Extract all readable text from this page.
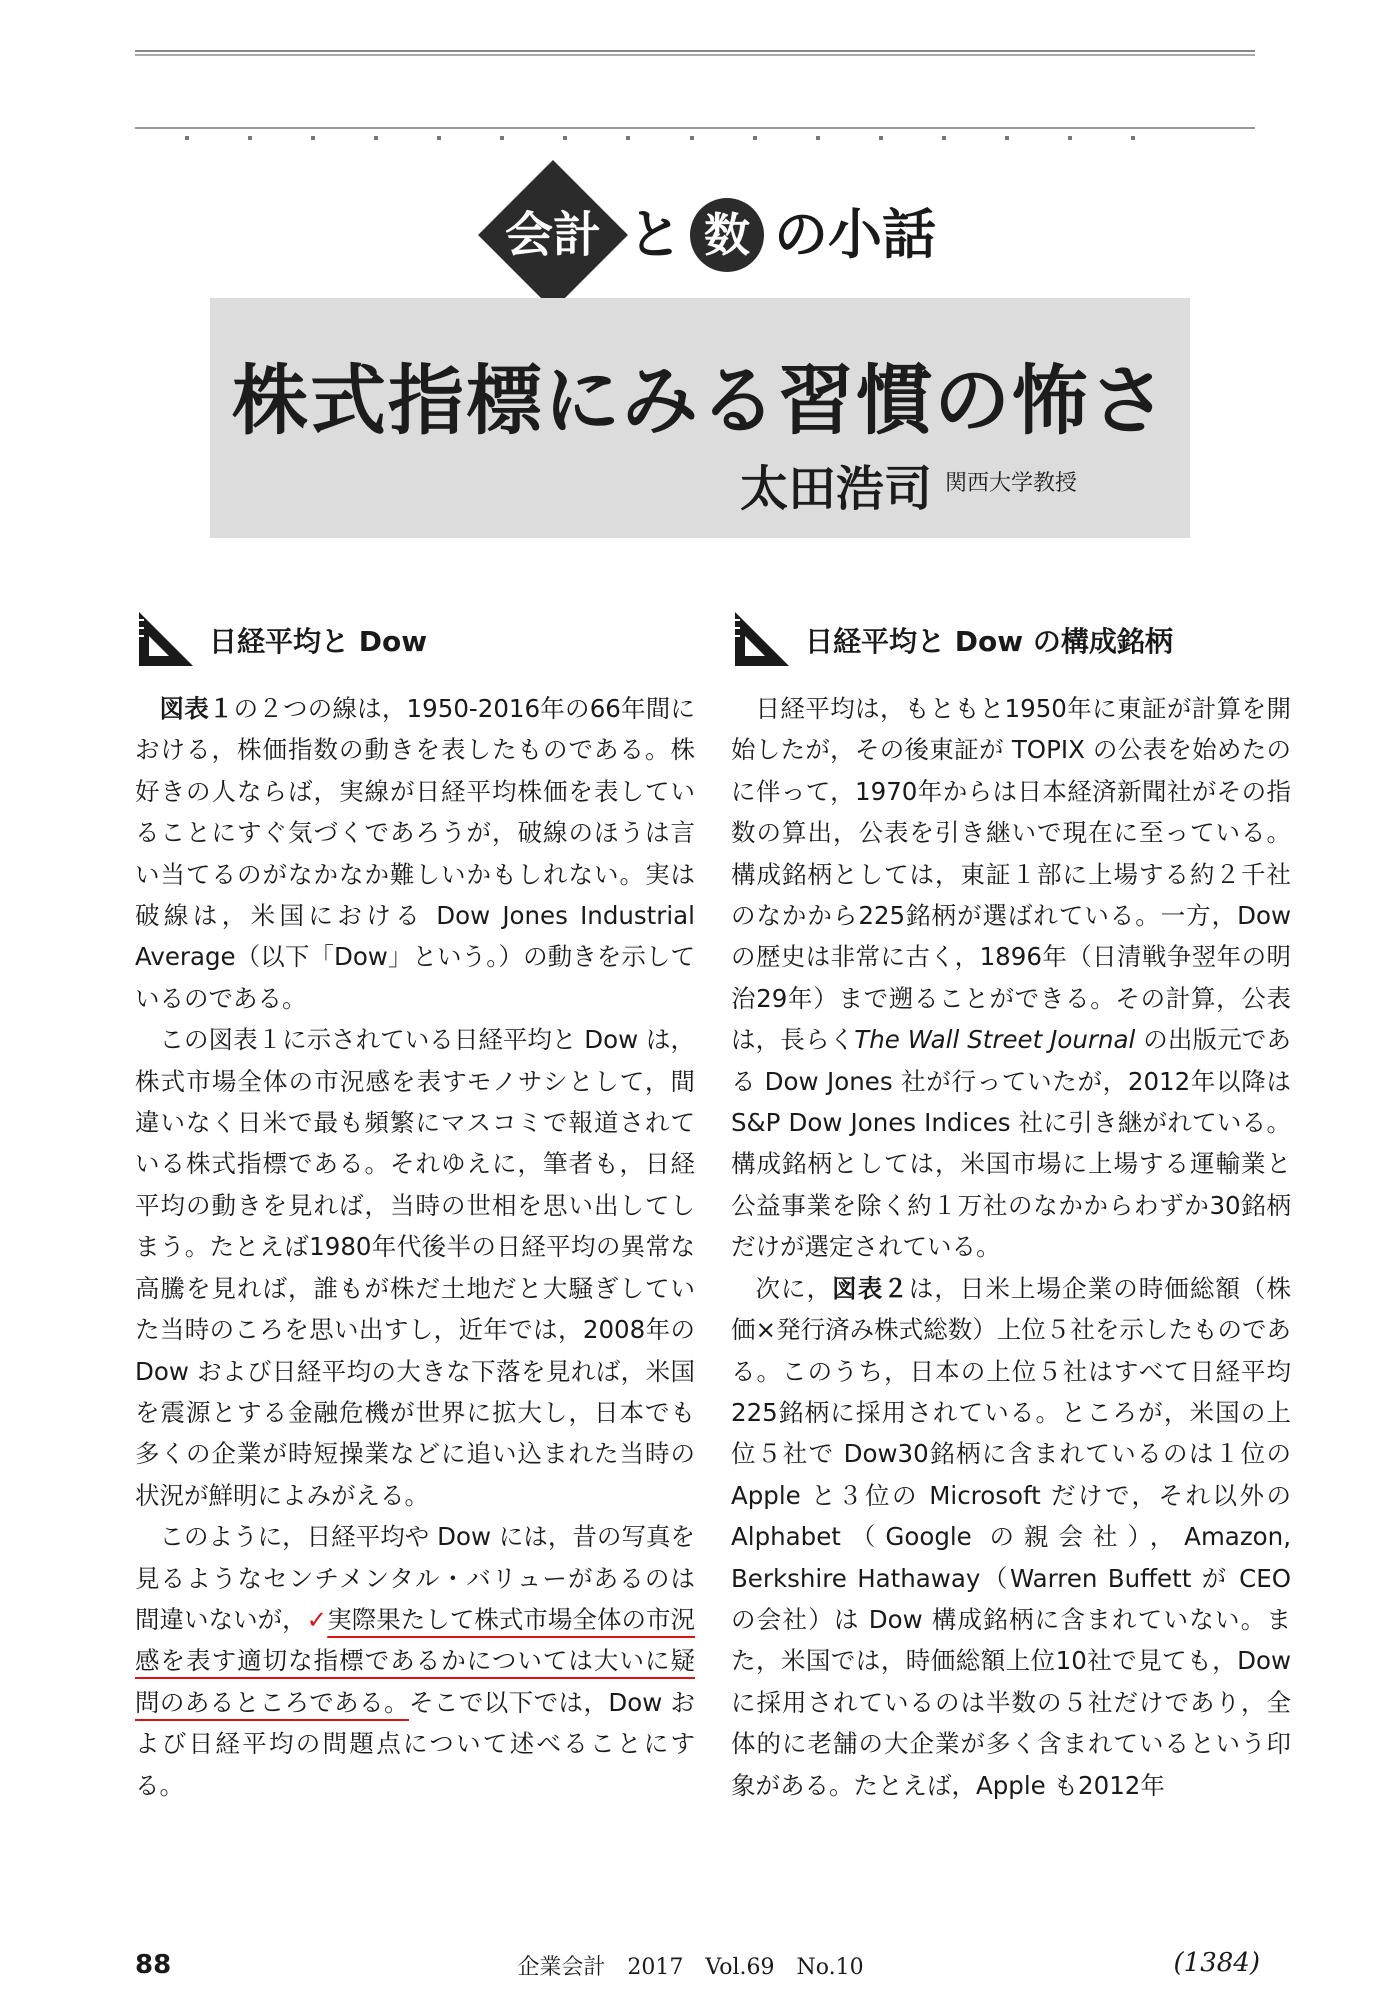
会計 と 数 の小話
株式指標にみる習慣の怖さ
太田浩司 関西大学教授
日経平均と Dow

図表１の２つの線は，1950-2016年の66年間における，株価指数の動きを表したものである。株好きの人ならば，実線が日経平均株価を表していることにすぐ気づくであろうが，破線のほうは言い当てるのがなかなか難しいかもしれない。実は破線は，米国における Dow Jones Industrial Average（以下「Dow」という。）の動きを示しているのである。

この図表１に示されている日経平均と Dow は，株式市場全体の市況感を表すモノサシとして，間違いなく日米で最も頻繁にマスコミで報道されている株式指標である。それゆえに，筆者も，日経平均の動きを見れば，当時の世相を思い出してしまう。たとえば1980年代後半の日経平均の異常な高騰を見れば，誰もが株だ土地だと大騒ぎしていた当時のころを思い出すし，近年では，2008年の Dow および日経平均の大きな下落を見れば，米国を震源とする金融危機が世界に拡大し，日本でも多くの企業が時短操業などに追い込まれた当時の状況が鮮明によみがえる。

このように，日経平均や Dow には，昔の写真を見るようなセンチメンタル・バリューがあるのは間違いないが，✓実際果たして株式市場全体の市況感を表す適切な指標であるかについては大いに疑問のあるところである。そこで以下では，Dow および日経平均の問題点について述べることにする。

日経平均と Dow の構成銘柄

日経平均は，もともと1950年に東証が計算を開始したが，その後東証が TOPIX の公表を始めたのに伴って，1970年からは日本経済新聞社がその指数の算出，公表を引き継いで現在に至っている。構成銘柄としては，東証１部に上場する約２千社のなかから225銘柄が選ばれている。一方，Dow の歴史は非常に古く，1896年（日清戦争翌年の明治29年）まで遡ることができる。その計算，公表は，長らくThe Wall Street Journal の出版元である Dow Jones 社が行っていたが，2012年以降は S&P Dow Jones Indices 社に引き継がれている。構成銘柄としては，米国市場に上場する運輸業と公益事業を除く約１万社のなかからわずか30銘柄だけが選定されている。

次に，図表２は，日米上場企業の時価総額（株価×発行済み株式総数）上位５社を示したものである。このうち，日本の上位５社はすべて日経平均225銘柄に採用されている。ところが，米国の上位５社で Dow30銘柄に含まれているのは１位の Apple と３位の Microsoft だけで，それ以外の Alphabet（Google の親会社），Amazon, Berkshire Hathaway（Warren Buffett が CEO の会社）は Dow 構成銘柄に含まれていない。また，米国では，時価総額上位10社で見ても，Dow に採用されているのは半数の５社だけであり，全体的に老舗の大企業が多く含まれているという印象がある。たとえば，Apple も2012年

88	企業会計　2017　Vol.69　No.10	(1384)
